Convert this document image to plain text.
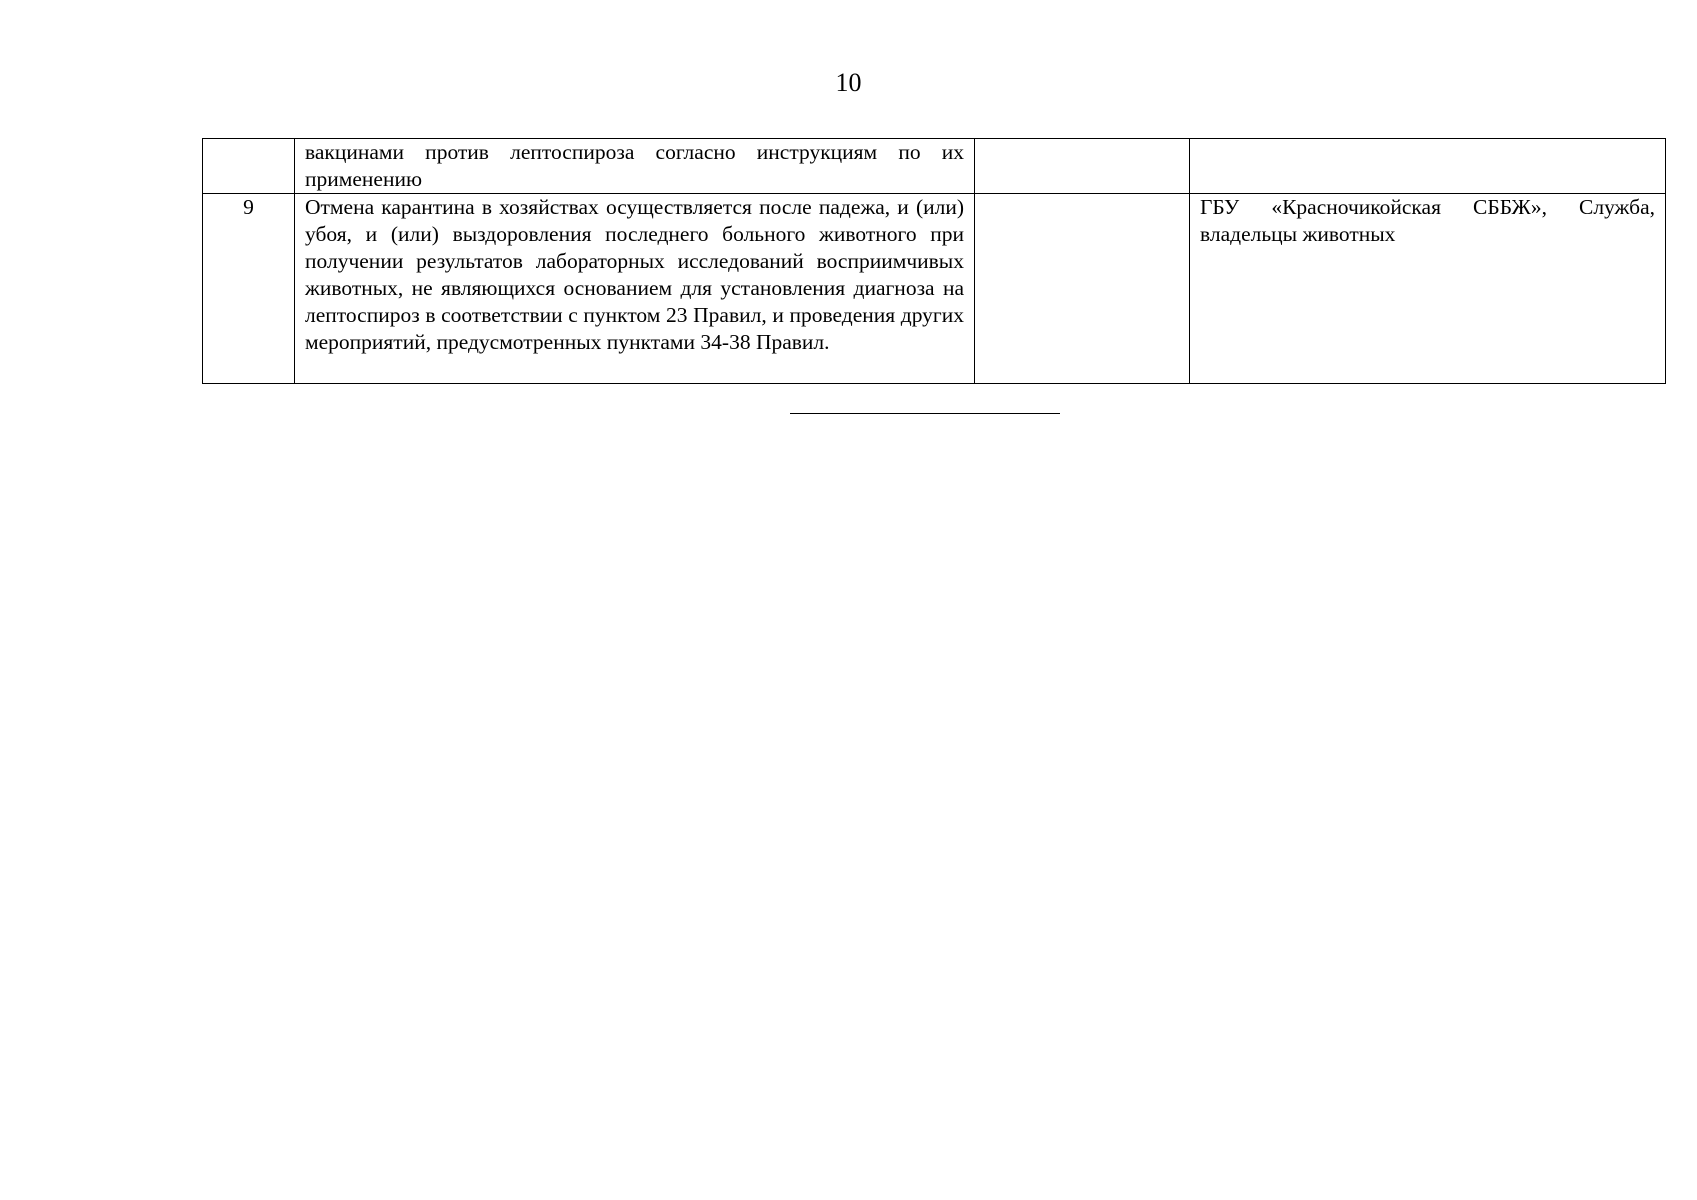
10

	вакцинами против лептоспироза согласно инструкциям по их применению		

9	Отмена карантина в хозяйствах осуществляется после падежа, и (или) убоя, и (или) выздоровления последнего больного животного при получении результатов лабораторных исследований восприимчивых животных, не являющихся основанием для установления диагноза на лептоспироз в соответствии с пунктом 23 Правил, и проведения других мероприятий, предусмотренных пунктами 34-38 Правил.		ГБУ «Красночикойская СББЖ», Служба, владельцы животных
